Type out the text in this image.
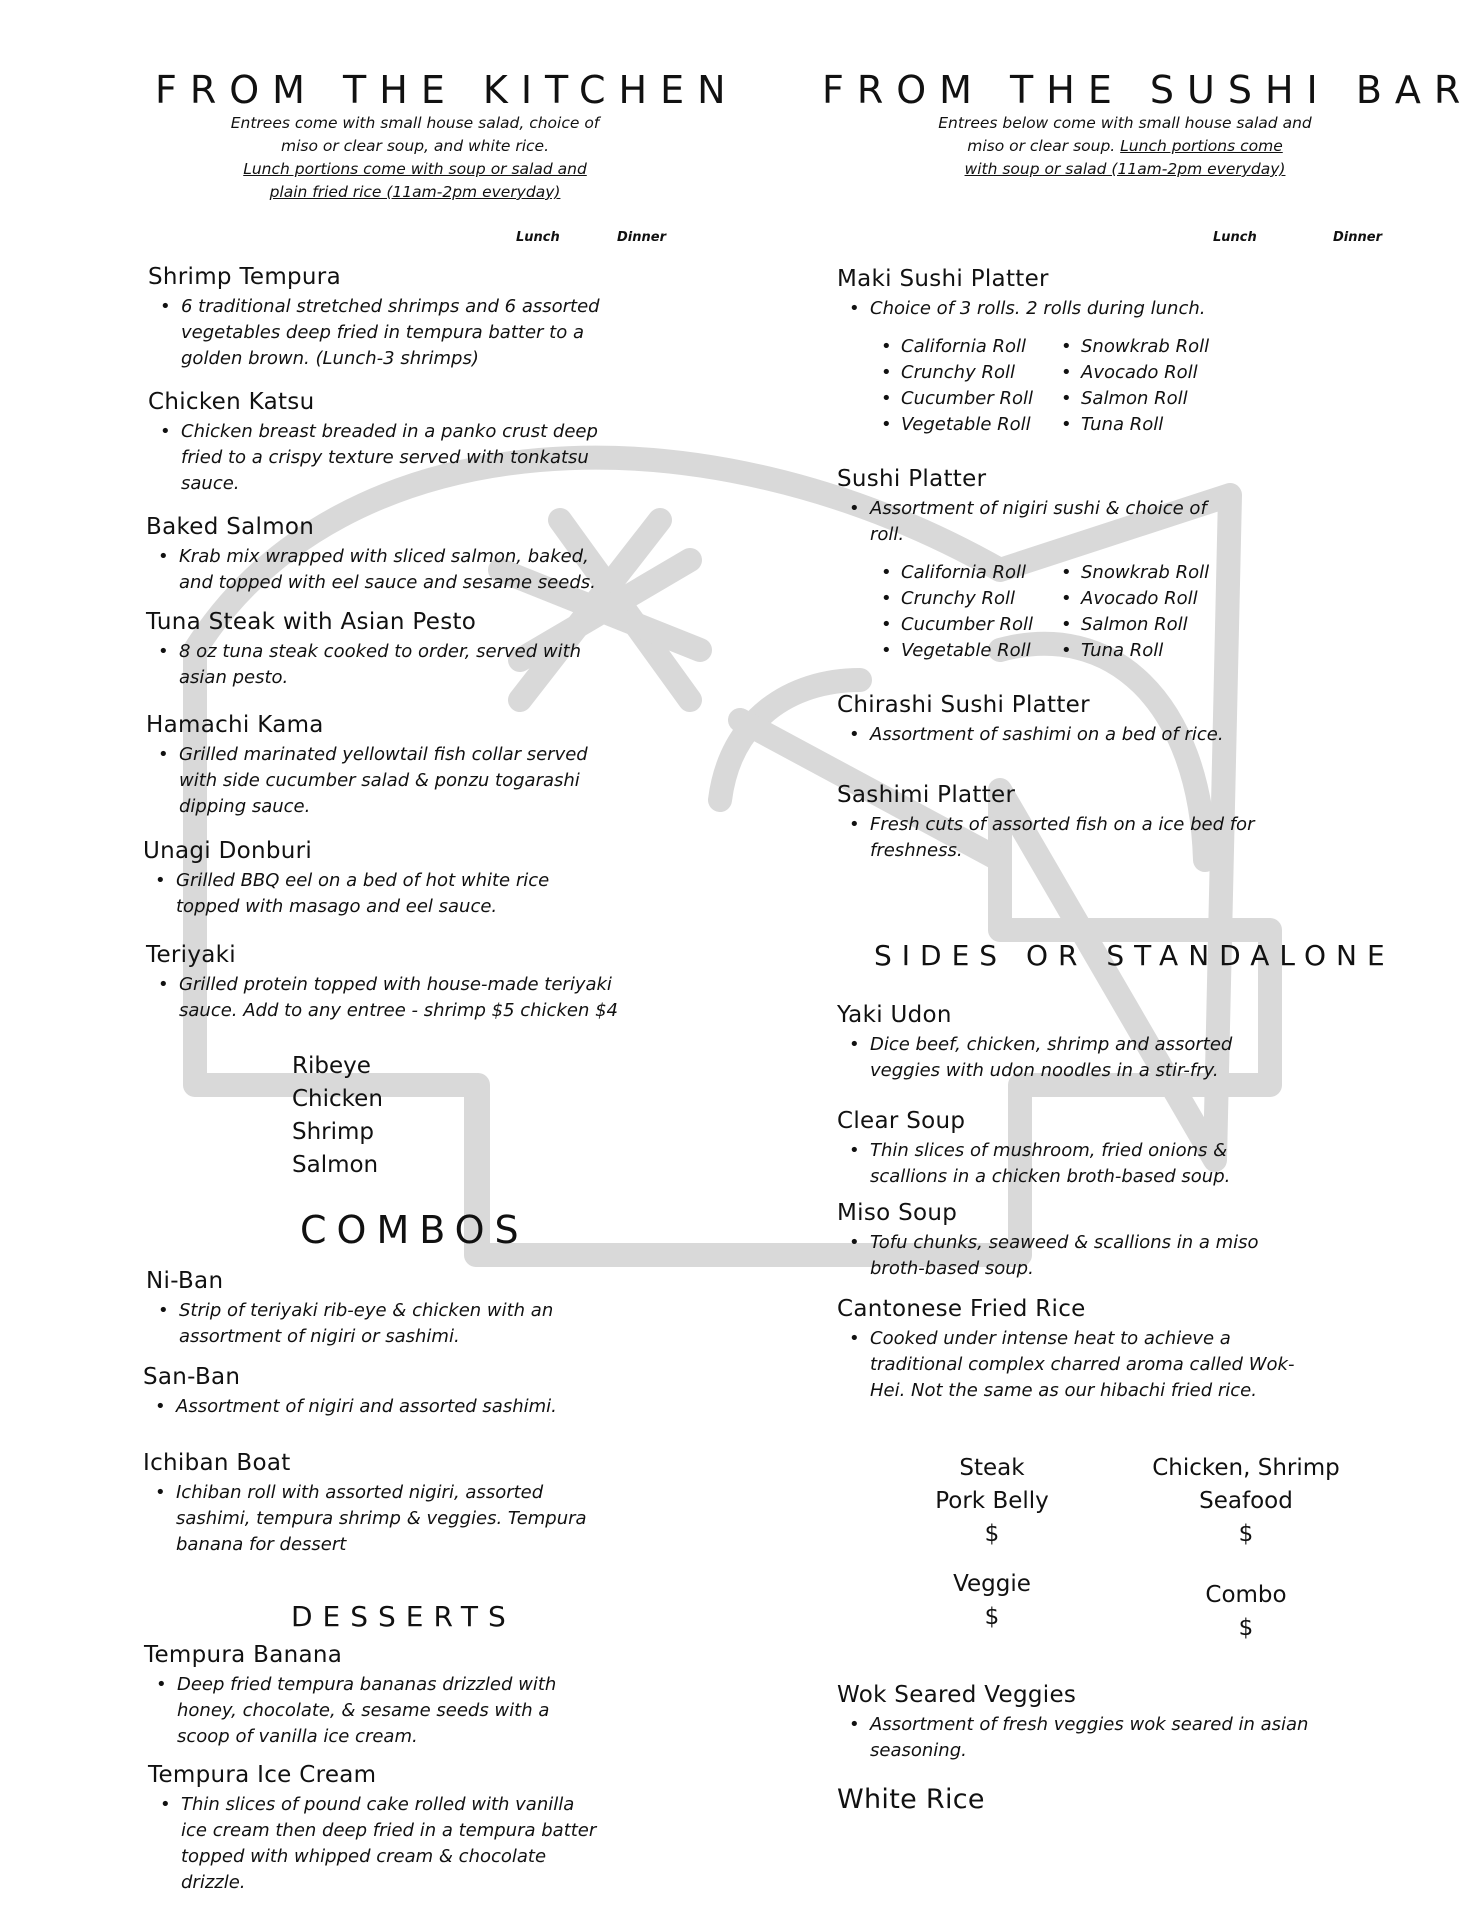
FROM THE KITCHEN
Entrees come with small house salad, choice of
miso or clear soup, and white rice.
Lunch portions come with soup or salad and
plain fried rice (11am-2pm everyday)
Lunch	Dinner
Shrimp Tempura
• 6 traditional stretched shrimps and 6 assorted vegetables deep fried in tempura batter to a golden brown. (Lunch-3 shrimps)
Chicken Katsu
• Chicken breast breaded in a panko crust deep fried to a crispy texture served with tonkatsu sauce.
Baked Salmon
• Krab mix wrapped with sliced salmon, baked, and topped with eel sauce and sesame seeds.
Tuna Steak with Asian Pesto
• 8 oz tuna steak cooked to order, served with asian pesto.
Hamachi Kama
• Grilled marinated yellowtail fish collar served with side cucumber salad & ponzu togarashi dipping sauce.
Unagi Donburi
• Grilled BBQ eel on a bed of hot white rice topped with masago and eel sauce.
Teriyaki
• Grilled protein topped with house-made teriyaki sauce. Add to any entree - shrimp $5 chicken $4
Ribeye
Chicken
Shrimp
Salmon
COMBOS
Ni-Ban
• Strip of teriyaki rib-eye & chicken with an assortment of nigiri or sashimi.
San-Ban
• Assortment of nigiri and assorted sashimi.
Ichiban Boat
• Ichiban roll with assorted nigiri, assorted sashimi, tempura shrimp & veggies. Tempura banana for dessert
DESSERTS
Tempura Banana
• Deep fried tempura bananas drizzled with honey, chocolate, & sesame seeds with a scoop of vanilla ice cream.
Tempura Ice Cream
• Thin slices of pound cake rolled with vanilla ice cream then deep fried in a tempura batter topped with whipped cream & chocolate drizzle.
FROM THE SUSHI BAR
Entrees below come with small house salad and
miso or clear soup. Lunch portions come
with soup or salad (11am-2pm everyday)
Lunch	Dinner
Maki Sushi Platter
• Choice of 3 rolls. 2 rolls during lunch.
• California Roll	• Snowkrab Roll
• Crunchy Roll	• Avocado Roll
• Cucumber Roll	• Salmon Roll
• Vegetable Roll	• Tuna Roll
Sushi Platter
• Assortment of nigiri sushi & choice of roll.
• California Roll	• Snowkrab Roll
• Crunchy Roll	• Avocado Roll
• Cucumber Roll	• Salmon Roll
• Vegetable Roll	• Tuna Roll
Chirashi Sushi Platter
• Assortment of sashimi on a bed of rice.
Sashimi Platter
• Fresh cuts of assorted fish on a ice bed for freshness.
SIDES OR STANDALONE
Yaki Udon
• Dice beef, chicken, shrimp and assorted veggies with udon noodles in a stir-fry.
Clear Soup
• Thin slices of mushroom, fried onions & scallions in a chicken broth-based soup.
Miso Soup
• Tofu chunks, seaweed & scallions in a miso broth-based soup.
Cantonese Fried Rice
• Cooked under intense heat to achieve a traditional complex charred aroma called Wok-Hei. Not the same as our hibachi fried rice.
Steak
Pork Belly
$
Chicken, Shrimp
Seafood
$
Veggie
$
Combo
$
Wok Seared Veggies
• Assortment of fresh veggies wok seared in asian seasoning.
White Rice
